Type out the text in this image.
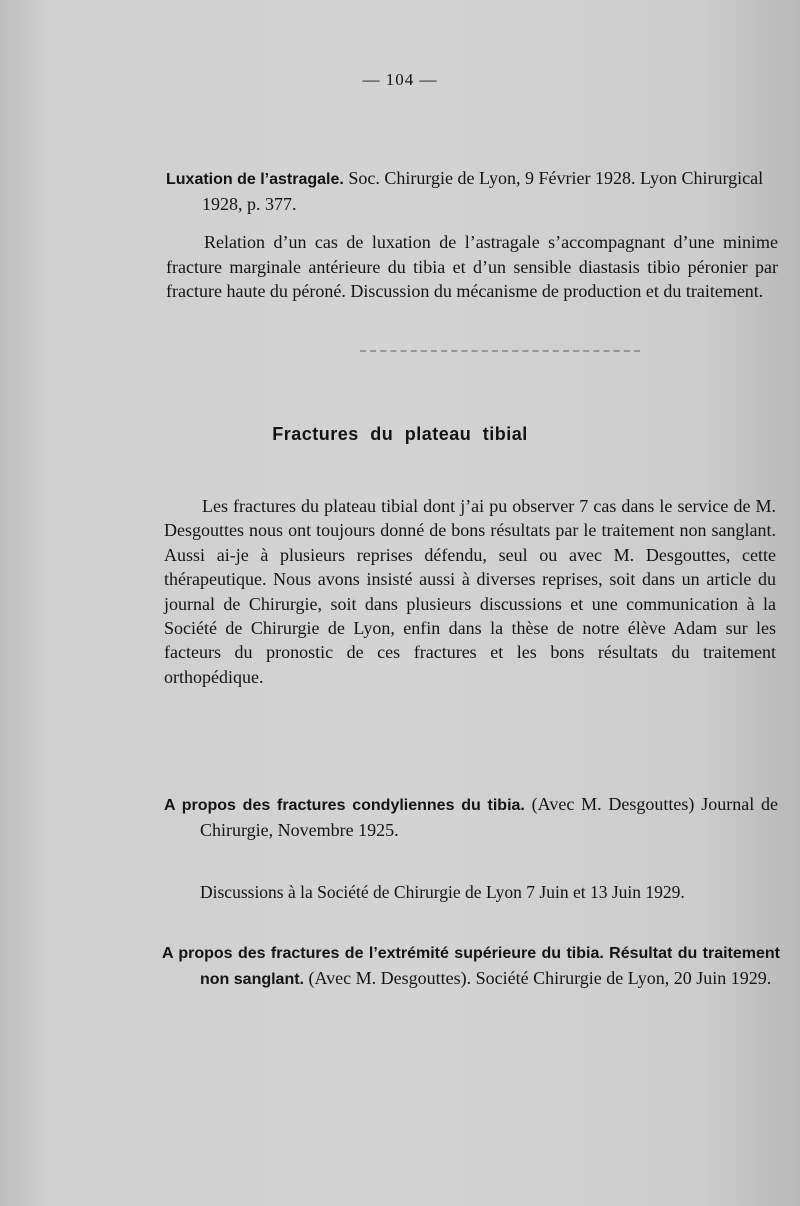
— 104 —
Luxation de l’astragale. Soc. Chirurgie de Lyon, 9 Février 1928. Lyon Chirurgical 1928, p. 377.
Relation d’un cas de luxation de l’astragale s’accompagnant d’une minime fracture marginale antérieure du tibia et d’un sensible diastasis tibio péronier par fracture haute du péroné. Discussion du mécanisme de production et du traitement.
Fractures du plateau tibial
Les fractures du plateau tibial dont j’ai pu observer 7 cas dans le service de M. Desgouttes nous ont toujours donné de bons résultats par le traitement non sanglant. Aussi ai-je à plusieurs reprises défendu, seul ou avec M. Desgouttes, cette thérapeutique. Nous avons insisté aussi à diverses reprises, soit dans un article du journal de Chirurgie, soit dans plusieurs discussions et une communication à la Société de Chirurgie de Lyon, enfin dans la thèse de notre élève Adam sur les facteurs du pronostic de ces fractures et les bons résultats du traitement orthopédique.
A propos des fractures condyliennes du tibia. (Avec M. Desgouttes) Journal de Chirurgie, Novembre 1925.
Discussions à la Société de Chirurgie de Lyon 7 Juin et 13 Juin 1929.
A propos des fractures de l’extrémité supérieure du tibia. Résultat du traitement non sanglant. (Avec M. Desgouttes). Société Chirurgie de Lyon, 20 Juin 1929.
